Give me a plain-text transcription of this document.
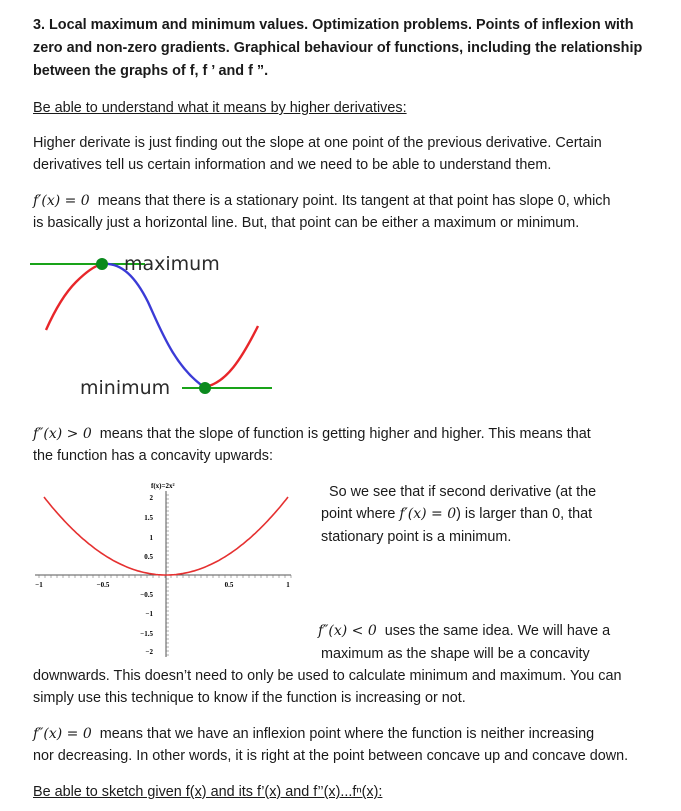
3. Local maximum and minimum values. Optimization problems. Points of inflexion with

zero and non-zero gradients. Graphical behaviour of functions, including the relationship

between the graphs of f, f ’ and f ”.

Be able to understand what it means by higher derivatives:

Higher derivate is just finding out the slope at one point of the previous derivative. Certain

derivatives tell us certain information and we need to be able to understand them.

f′(x) = 0 means that there is a stationary point. Its tangent at that point has slope 0, which

is basically just a horizontal line. But, that point can be either a maximum or minimum.

maximum
minimum

f″(x) > 0 means that the slope of function is getting higher and higher. This means that

the function has a concavity upwards:

f(x)=2x²
2
1.5
1
0.5
−0.5
−1
−1.5
−2
−1	−0.5	0.5	1

So we see that if second derivative (at the

point where f′(x) = 0) is larger than 0, that

stationary point is a minimum.

f″(x) < 0 uses the same idea. We will have a

maximum as the shape will be a concavity

downwards. This doesn’t need to only be used to calculate minimum and maximum. You can

simply use this technique to know if the function is increasing or not.

f″(x) = 0 means that we have an inflexion point where the function is neither increasing

nor decreasing. In other words, it is right at the point between concave up and concave down.

Be able to sketch given f(x) and its f’(x) and f’’(x)...fⁿ(x):
